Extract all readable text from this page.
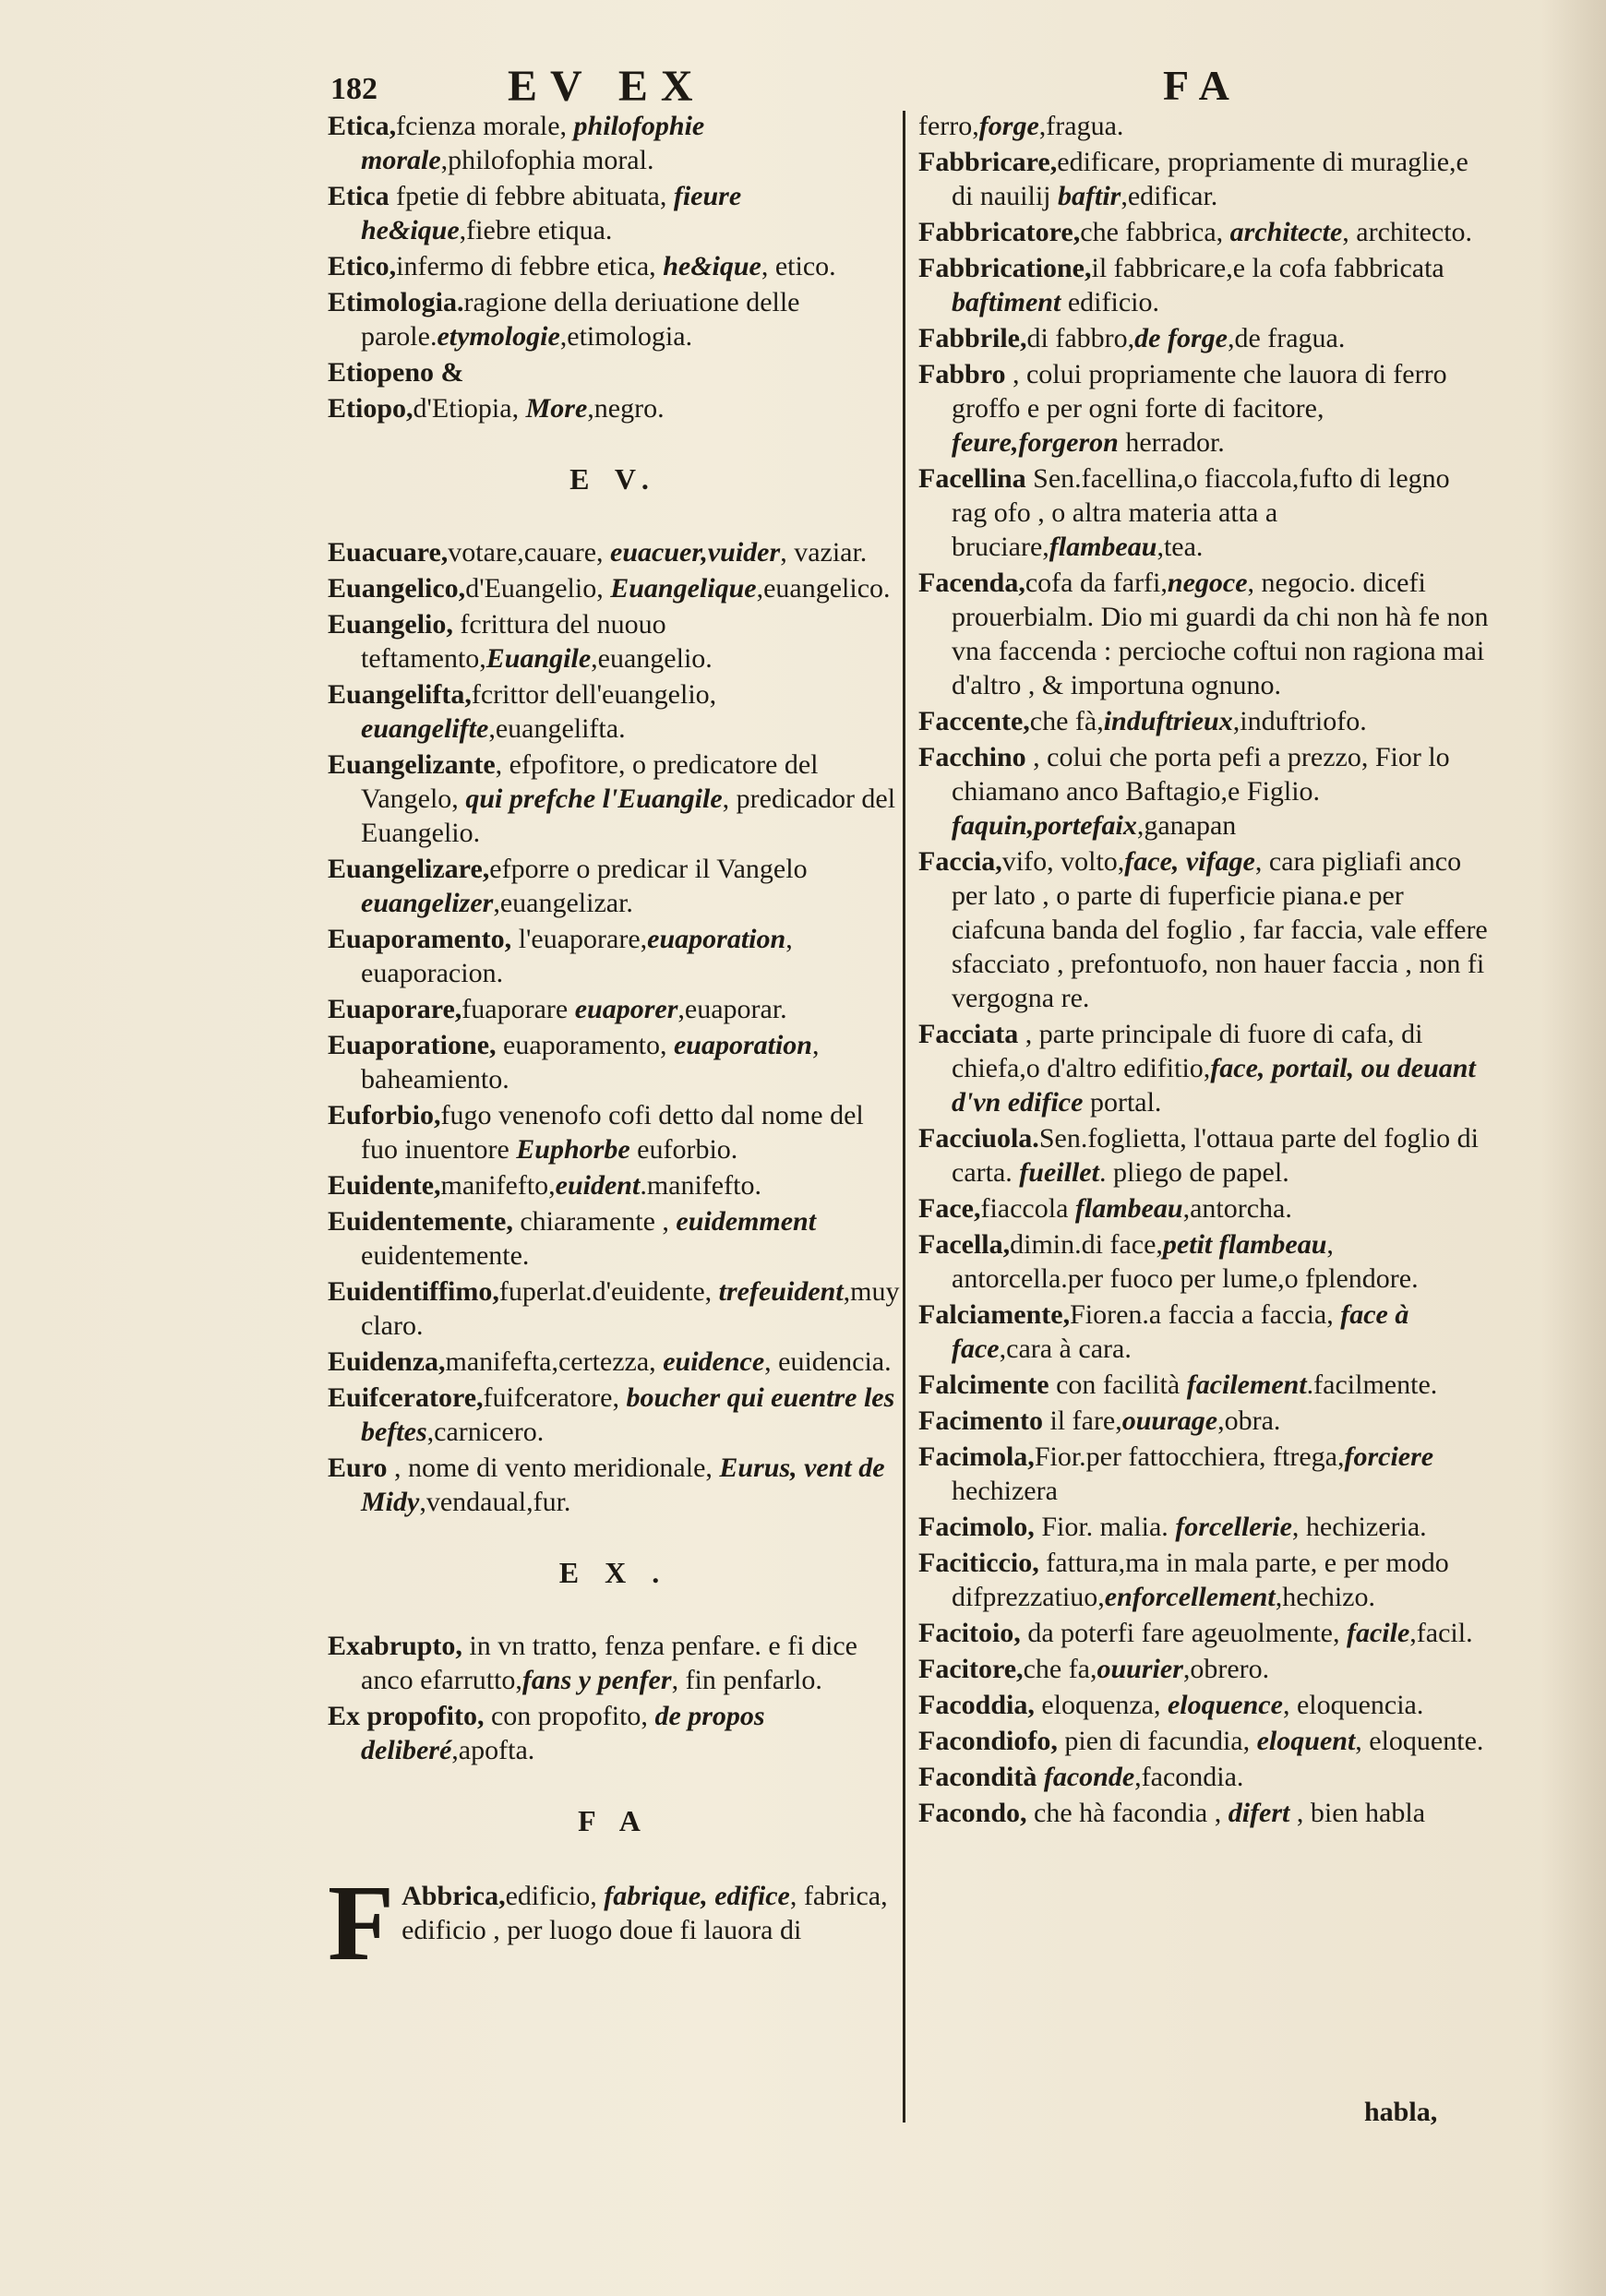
182	EV EX	FA
Etica,fcienza morale, philofophie morale,philofophia moral.
Etica fpetie di febbre abituata, fieure he&ique,fiebre etiqua.
Etico,infermo di febbre etica, he&ique, etico.
Etimologia.ragione della deriuatione delle parole.etymologie,etimologia.
Etiopeno &
Etiopo,d'Etiopia, More,negro.
E V.
Euacuare,votare,cauare, euacuer,vuider, vaziar.
Euangelico,d'Euangelio, Euangelique,euangelico.
Euangelio, fcrittura del nuouo teftamento,Euangile,euangelio.
Euangelifta,fcrittor dell'euangelio, euangelifte,euangelifta.
Euangelizante, efpofitore, o predicatore del Vangelo, qui prefche l'Euangile, predicador del Euangelio.
Euangelizare,efporre o predicar il Vangelo euangelizer,euangelizar.
Euaporamento, l'euaporare,euaporation, euaporacion.
Euaporare,fuaporare euaporer,euaporar.
Euaporatione, euaporamento, euaporation, baheamiento.
Euforbio,fugo venenofo cofi detto dal nome del fuo inuentore Euphorbe euforbio.
Euidente,manifefto,euident.manifefto.
Euidentemente, chiaramente , euidemment euidentemente.
Euidentiffimo,fuperlat.d'euidente, trefeuident,muy claro.
Euidenza,manifefta,certezza, euidence, euidencia.
Euifceratore,fuifceratore, boucher qui euentre les beftes,carnicero.
Euro , nome di vento meridionale, Eurus, vent de Midy,vendaual,fur.
E X .
Exabrupto, in vn tratto, fenza penfare. e fi dice anco efarrutto,fans y penfer, fin penfarlo.
Ex propofito, con propofito, de propos deliberé,apofta.
F A
F Abbrica,edificio, fabrique, edifice, fabrica, edificio , per luogo doue fi lauora di
ferro,forge,fragua.
Fabbricare,edificare, propriamente di muraglie,e di nauilij baftir,edificar.
Fabbricatore,che fabbrica, architecte, architecto.
Fabbricatione,il fabbricare,e la cofa fabbricata baftiment edificio.
Fabbrile,di fabbro,de forge,de fragua.
Fabbro , colui propriamente che lauora di ferro groffo e per ogni forte di facitore, feure,forgeron herrador.
Facellina Sen.facellina,o fiaccola,fufto di legno rag ofo , o altra materia atta a bruciare,flambeau,tea.
Facenda,cofa da farfi,negoce, negocio. dicefi prouerbialm. Dio mi guardi da chi non hà fe non vna faccenda : percioche coftui non ragiona mai d'altro , & importuna ognuno.
Faccente,che fà,induftrieux,induftriofo.
Facchino , colui che porta pefi a prezzo, Fior lo chiamano anco Baftagio,e Figlio. faquin,portefaix,ganapan
Faccia,vifo, volto,face, vifage, cara pigliafi anco per lato , o parte di fuperficie piana.e per ciafcuna banda del foglio , far faccia, vale effere sfacciato , prefontuofo, non hauer faccia , non fi vergogna re.
Facciata , parte principale di fuore di cafa, di chiefa,o d'altro edifitio,face, portail, ou deuant d'vn edifice portal.
Facciuola.Sen.foglietta, l'ottaua parte del foglio di carta. fueillet. pliego de papel.
Face,fiaccola flambeau,antorcha.
Facella,dimin.di face,petit flambeau, antorcella.per fuoco per lume,o fplendore.
Falciamente,Fioren.a faccia a faccia, face à face,cara à cara.
Falcimente con facilità facilement.facilmente.
Facimento il fare,ouurage,obra.
Facimola,Fior.per fattocchiera, ftrega,forciere hechizera
Facimolo, Fior. malia. forcellerie, hechizeria.
Faciticcio, fattura,ma in mala parte, e per modo difprezzatiuo,enforcellement,hechizo.
Facitoio, da poterfi fare ageuolmente, facile,facil.
Facitore,che fa,ouurier,obrero.
Facoddia, eloquenza, eloquence, eloquencia.
Facondiofo, pien di facundia, eloquent, eloquente.
Facondità faconde,facondia.
Facondo, che hà facondia , difert , bien habla
habla,
